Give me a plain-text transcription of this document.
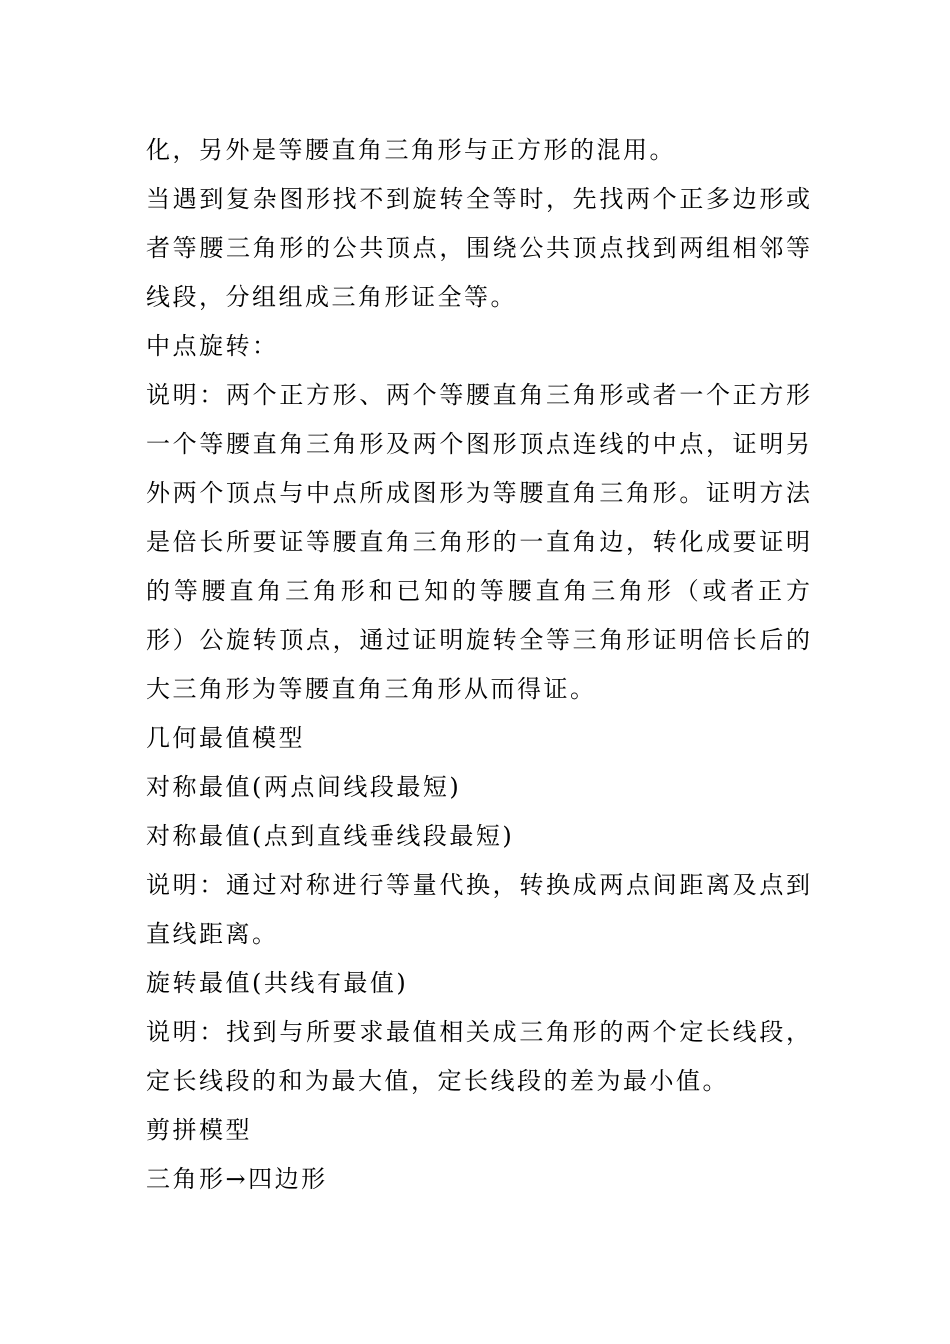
化，另外是等腰直角三角形与正方形的混用。
当遇到复杂图形找不到旋转全等时，先找两个正多边形或
者等腰三角形的公共顶点，围绕公共顶点找到两组相邻等
线段，分组组成三角形证全等。
中点旋转：
说明：两个正方形、两个等腰直角三角形或者一个正方形
一个等腰直角三角形及两个图形顶点连线的中点，证明另
外两个顶点与中点所成图形为等腰直角三角形。证明方法
是倍长所要证等腰直角三角形的一直角边，转化成要证明
的等腰直角三角形和已知的等腰直角三角形（或者正方
形）公旋转顶点，通过证明旋转全等三角形证明倍长后的
大三角形为等腰直角三角形从而得证。
几何最值模型
对称最值(两点间线段最短)
对称最值(点到直线垂线段最短)
说明：通过对称进行等量代换，转换成两点间距离及点到
直线距离。
旋转最值(共线有最值)
说明：找到与所要求最值相关成三角形的两个定长线段，
定长线段的和为最大值，定长线段的差为最小值。
剪拼模型
三角形→四边形
